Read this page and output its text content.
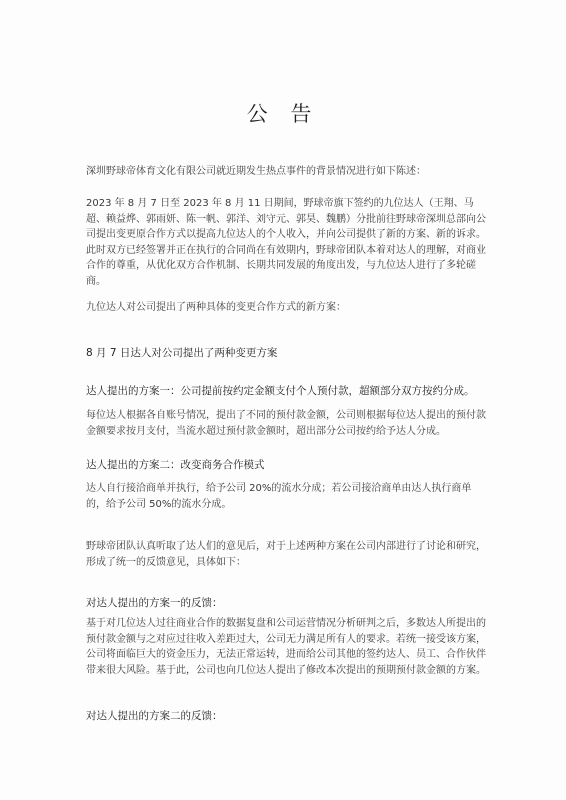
公 告

深圳野球帝体育文化有限公司就近期发生热点事件的背景情况进行如下陈述：

2023 年 8 月 7 日至 2023 年 8 月 11 日期间，野球帝旗下签约的九位达人（王翔、马超、赖益烨、郭雨妍、陈一帆、郭洋、刘守元、郭昊、魏鹏）分批前往野球帝深圳总部向公司提出变更原合作方式以提高九位达人的个人收入，并向公司提供了新的方案、新的诉求。此时双方已经签署并正在执行的合同尚在有效期内，野球帝团队本着对达人的理解，对商业合作的尊重，从优化双方合作机制、长期共同发展的角度出发，与九位达人进行了多轮磋商。

九位达人对公司提出了两种具体的变更合作方式的新方案：

8 月 7 日达人对公司提出了两种变更方案

达人提出的方案一：公司提前按约定金额支付个人预付款，超额部分双方按约分成。

每位达人根据各自账号情况，提出了不同的预付款金额，公司则根据每位达人提出的预付款金额要求按月支付，当流水超过预付款金额时，超出部分公司按约给予达人分成。

达人提出的方案二：改变商务合作模式

达人自行接洽商单并执行，给予公司 20%的流水分成；若公司接洽商单由达人执行商单的，给予公司 50%的流水分成。

野球帝团队认真听取了达人们的意见后，对于上述两种方案在公司内部进行了讨论和研究，形成了统一的反馈意见，具体如下：

对达人提出的方案一的反馈：

基于对几位达人过往商业合作的数据复盘和公司运营情况分析研判之后，多数达人所提出的预付款金额与之对应过往收入差距过大，公司无力满足所有人的要求。若统一接受该方案，公司将面临巨大的资金压力，无法正常运转，进而给公司其他的签约达人、员工、合作伙伴带来很大风险。基于此，公司也向几位达人提出了修改本次提出的预期预付款金额的方案。

对达人提出的方案二的反馈：
